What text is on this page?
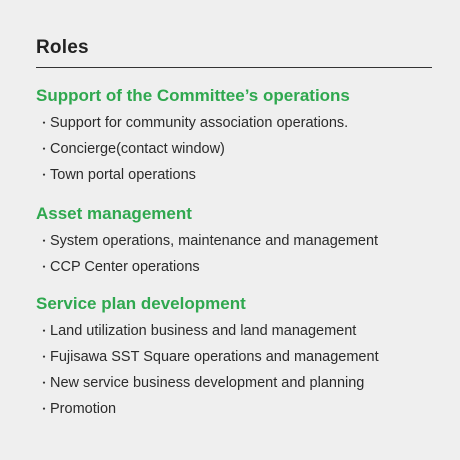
Roles
Support of the Committee’s operations
・ Support for community association operations.
・ Concierge(contact window)
・ Town portal operations
Asset management
・ System operations, maintenance and management
・ CCP Center operations
Service plan development
・ Land utilization business and land management
・ Fujisawa SST Square operations and management
・ New service business development and planning
・ Promotion
